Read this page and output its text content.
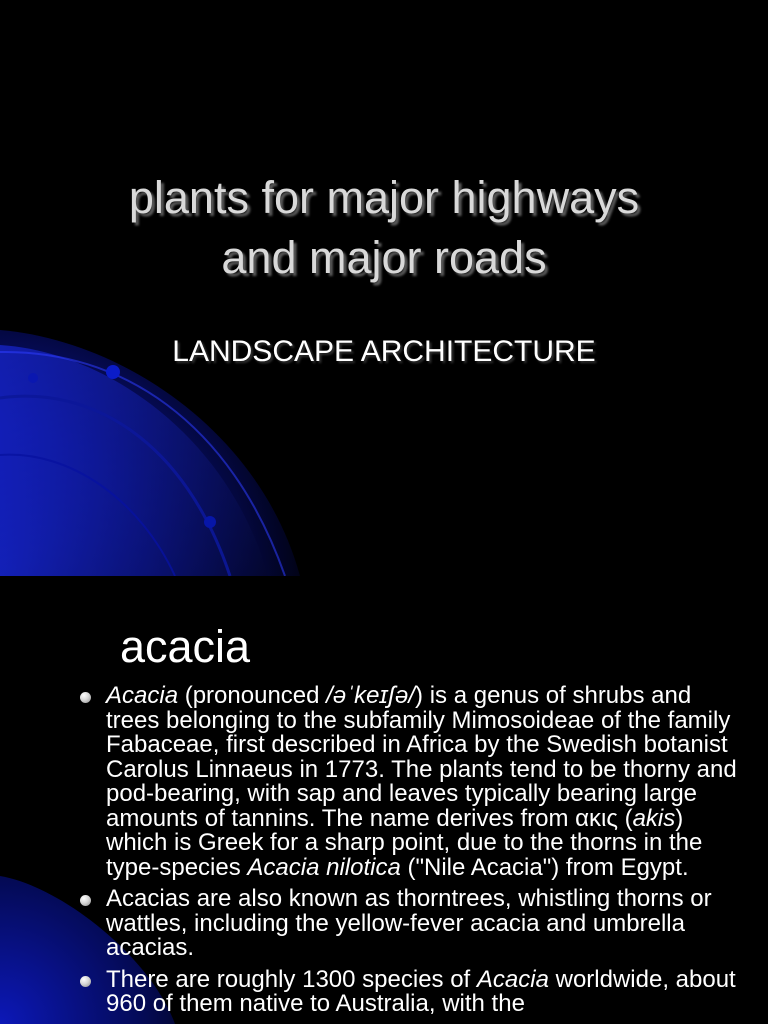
plants for major highways
and major roads
LANDSCAPE ARCHITECTURE
acacia
Acacia (pronounced /əˈkeɪʃə/) is a genus of shrubs and trees belonging to the subfamily Mimosoideae of the family Fabaceae, first described in Africa by the Swedish botanist Carolus Linnaeus in 1773. The plants tend to be thorny and pod-bearing, with sap and leaves typically bearing large amounts of tannins. The name derives from ακις (akis) which is Greek for a sharp point, due to the thorns in the type-species Acacia nilotica ("Nile Acacia") from Egypt.
Acacias are also known as thorntrees, whistling thorns or wattles, including the yellow-fever acacia and umbrella acacias.
There are roughly 1300 species of Acacia worldwide, about 960 of them native to Australia, with the
